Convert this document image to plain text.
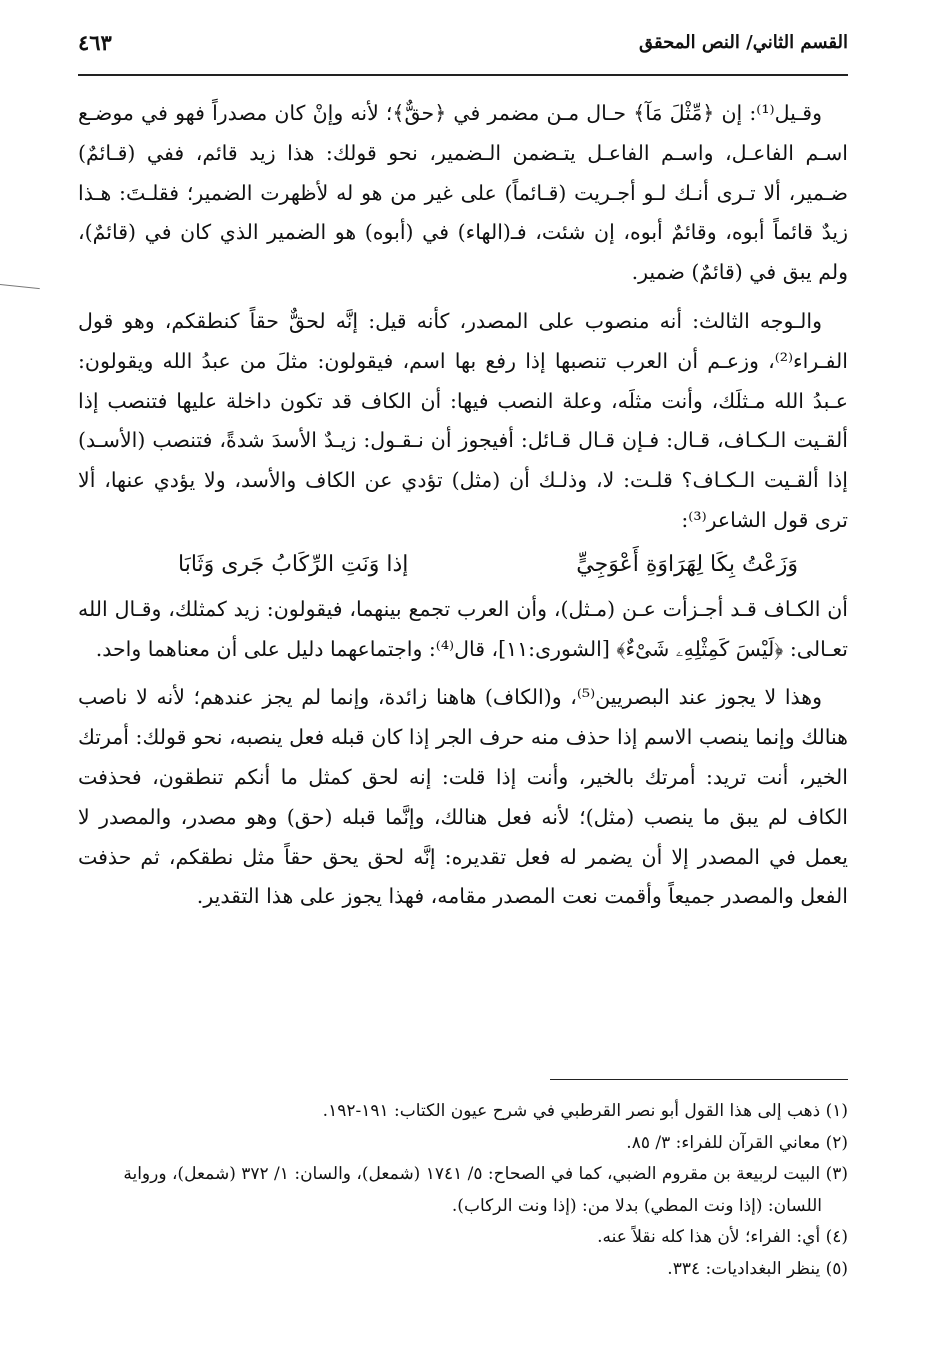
القسم الثاني/ النص المحقق
٤٦٣

وقـيل⁽¹⁾: إن ﴿مِّثْلَ مَآ﴾ حـال مـن مضمر في ﴿حقٌّ﴾؛ لأنه وإنْ كان مصدراً فهو في موضـع اسـم الفاعـل، واسـم الفاعـل يتـضمن الـضمير، نحو قولك: هذا زيد قائم، ففي (قـائمٌ) ضـمير، ألا تـرى أنـك لـو أجـريت (قـائماً) على غير من هو له لأظهرت الضمير؛ فقلـتَ: هـذا زيدٌ قائماً أبوه، وقائمٌ أبوه، إن شئت، فـ(الهاء) في (أبوه) هو الضمير الذي كان في (قائمٌ)، ولم يبق في (قائمٌ) ضمير.

والـوجه الثالث: أنه منصوب على المصدر، كأنه قيل: إنَّه لحقٌّ حقاً كنطقكم، وهو قول الفـراء⁽²⁾، وزعـم أن العرب تنصبها إذا رفع بها اسم، فيقولون: مثلَ من عبدُ الله ويقولون: عـبدُ الله مـثلَك، وأنت مثلَه، وعلة النصب فيها: أن الكاف قد تكون داخلة عليها فتنصب إذا ألقـيت الـكـاف، قـال: فـإن قـال قـائل: أفيجوز أن نـقـول: زيـدٌ الأسدَ شدةً، فتنصب (الأسـد) إذا ألقـيت الـكـاف؟ قلـت: لا، وذلـك أن (مثل) تؤدي عن الكاف والأسد، ولا يؤدي عنها، ألا ترى قول الشاعر⁽³⁾:

وَزَعْتُ بِكَا لِهَرَاوَةِ أَعْوَجِيٍّ
إذا وَنَتِ الرِّكَابُ جَرى وَثَابَا

أن الكـاف قـد أجـزأت عـن (مـثل)، وأن العرب تجمع بينهما، فيقولون: زيد كمثلك، وقـال الله تعـالى: ﴿لَيْسَ كَمِثْلِهِۦ شَىْءٌ﴾ [الشورى:١١]، قال⁽⁴⁾: واجتماعهما دليل على أن معناهما واحد.

وهذا لا يجوز عند البصريين⁽⁵⁾، و(الكاف) هاهنا زائدة، وإنما لم يجز عندهم؛ لأنه لا ناصب هنالك وإنما ينصب الاسم إذا حذف منه حرف الجر إذا كان قبله فعل ينصبه، نحو قولك: أمرتك الخير، أنت تريد: أمرتك بالخير، وأنت إذا قلت: إنه لحق كمثل ما أنكم تنطقون، فحذفت الكاف لم يبق ما ينصب (مثل)؛ لأنه فعل هنالك، وإنَّما قبله (حق) وهو مصدر، والمصدر لا يعمل في المصدر إلا أن يضمر له فعل تقديره: إنَّه لحق يحق حقاً مثل نطقكم، ثم حذفت الفعل والمصدر جميعاً وأقمت نعت المصدر مقامه، فهذا يجوز على هذا التقدير.

(١) ذهب إلى هذا القول أبو نصر القرطبي في شرح عيون الكتاب: ١٩١-١٩٢.

(٢) معاني القرآن للفراء: ٣/ ٨٥.

(٣) البيت لربيعة بن مقروم الضبي، كما في الصحاح: ٥/ ١٧٤١ (شمعل)، والسان: ١/ ٣٧٢ (شمعل)، ورواية

اللسان: (إذا ونت المطي) بدلا من: (إذا ونت الركاب).

(٤) أي: الفراء؛ لأن هذا كله نقلاً عنه.

(٥) ينظر البغداديات: ٣٣٤.
